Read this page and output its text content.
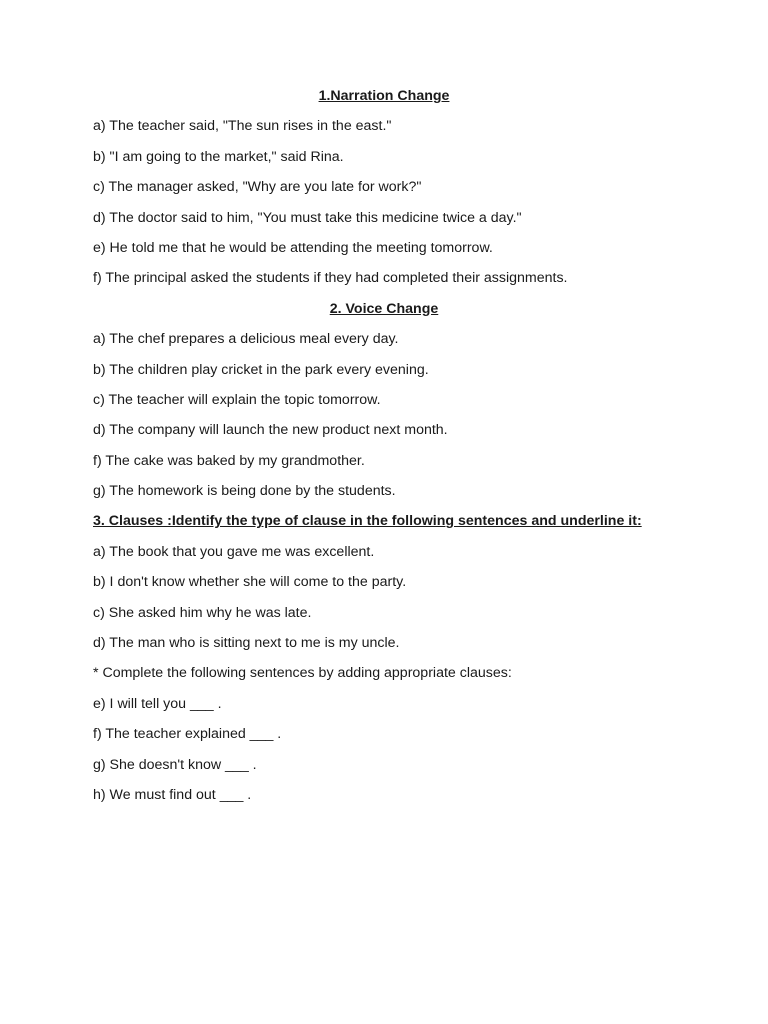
1.Narration Change
a) The teacher said, "The sun rises in the east."
b) "I am going to the market," said Rina.
c) The manager asked, "Why are you late for work?"
d) The doctor said to him, "You must take this medicine twice a day."
e) He told me that he would be attending the meeting tomorrow.
f) The principal asked the students if they had completed their assignments.
2. Voice Change
a) The chef prepares a delicious meal every day.
b) The children play cricket in the park every evening.
c) The teacher will explain the topic tomorrow.
d) The company will launch the new product next month.
f) The cake was baked by my grandmother.
g) The homework is being done by the students.
3. Clauses :Identify the type of clause in the following sentences and underline it:
a) The book that you gave me was excellent.
b) I don't know whether she will come to the party.
c) She asked him why he was late.
d) The man who is sitting next to me is my uncle.
* Complete the following sentences by adding appropriate clauses:
e) I will tell you ___ .
f) The teacher explained ___ .
g) She doesn't know ___ .
h) We must find out ___ .
